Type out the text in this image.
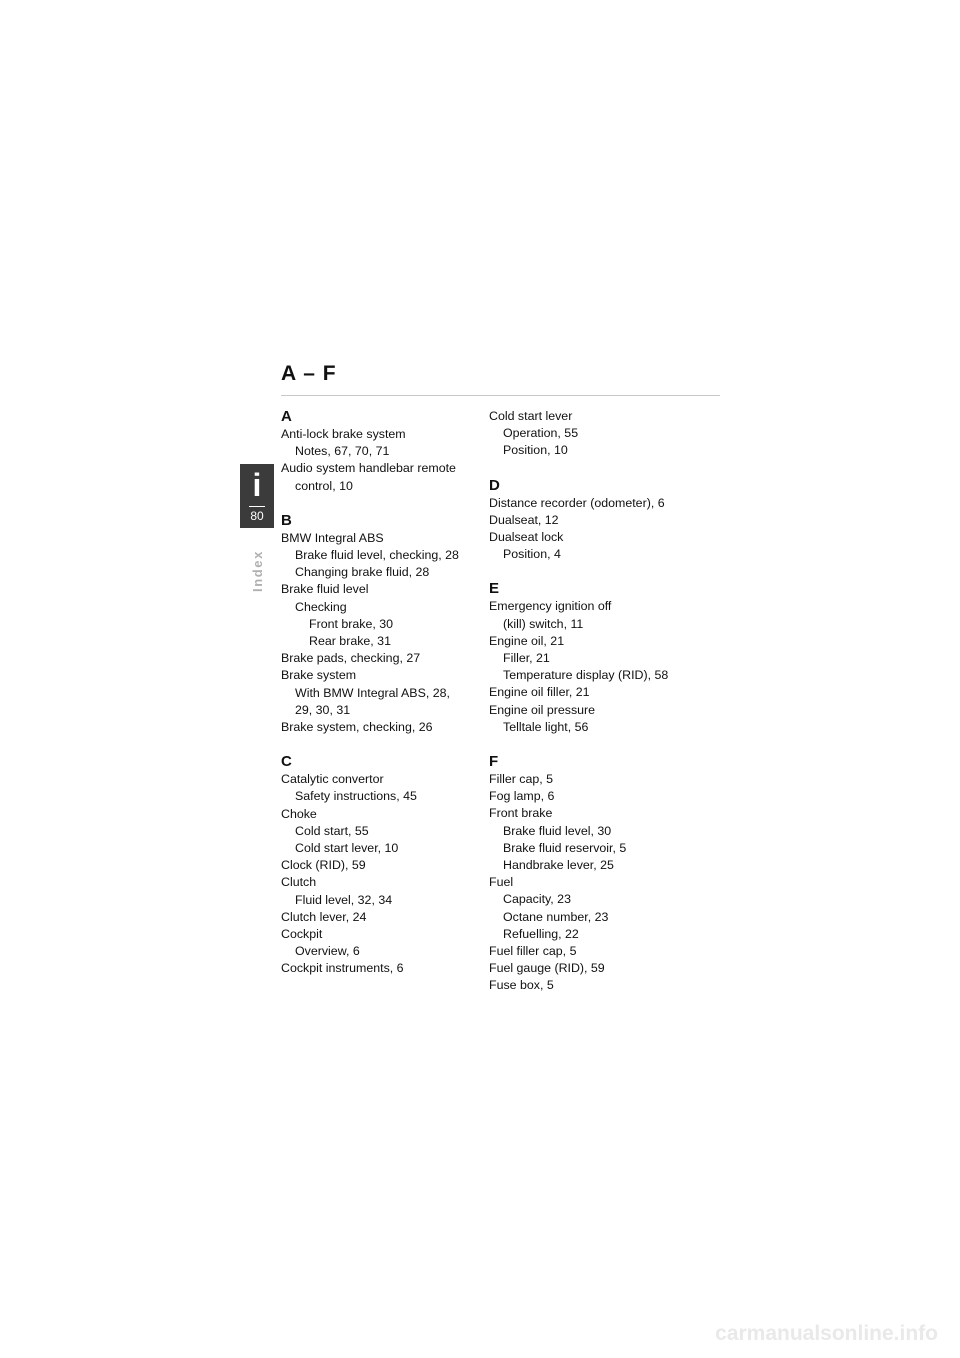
A – F
i
80
Index
A
Anti-lock brake system
Notes, 67, 70, 71
Audio system handlebar remote
control, 10
B
BMW Integral ABS
Brake fluid level, checking, 28
Changing brake fluid, 28
Brake fluid level
Checking
Front brake, 30
Rear brake, 31
Brake pads, checking, 27
Brake system
With BMW Integral ABS, 28,
29, 30, 31
Brake system, checking, 26
C
Catalytic convertor
Safety instructions, 45
Choke
Cold start, 55
Cold start lever, 10
Clock (RID), 59
Clutch
Fluid level, 32, 34
Clutch lever, 24
Cockpit
Overview, 6
Cockpit instruments, 6
Cold start lever
Operation, 55
Position, 10
D
Distance recorder (odometer), 6
Dualseat, 12
Dualseat lock
Position, 4
E
Emergency ignition off
(kill) switch, 11
Engine oil, 21
Filler, 21
Temperature display (RID), 58
Engine oil filler, 21
Engine oil pressure
Telltale light, 56
F
Filler cap, 5
Fog lamp, 6
Front brake
Brake fluid level, 30
Brake fluid reservoir, 5
Handbrake lever, 25
Fuel
Capacity, 23
Octane number, 23
Refuelling, 22
Fuel filler cap, 5
Fuel gauge (RID), 59
Fuse box, 5
carmanualsonline.info
